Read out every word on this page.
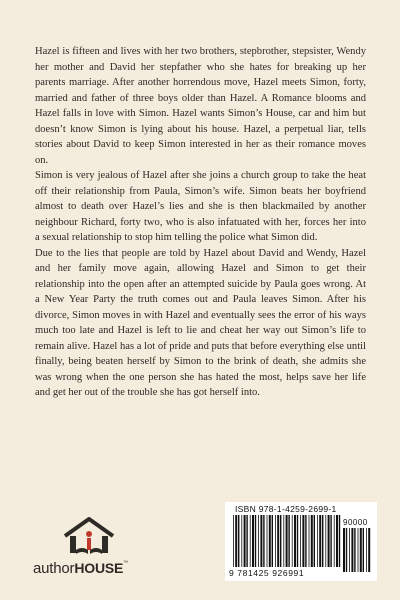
Hazel is fifteen and lives with her two brothers, stepbrother, stepsister, Wendy her mother and David her stepfather who she hates for breaking up her parents marriage. After another horrendous move, Hazel meets Simon, forty, married and father of three boys older than Hazel. A Romance blooms and Hazel falls in love with Simon. Hazel wants Simon’s House, car and him but doesn’t know Simon is lying about his house. Hazel, a perpetual liar, tells stories about David to keep Simon interested in her as their romance moves on.

Simon is very jealous of Hazel after she joins a church group to take the heat off their relationship from Paula, Simon’s wife. Simon beats her boyfriend almost to death over Hazel’s lies and she is then blackmailed by another neighbour Richard, forty two, who is also infatuated with her, forces her into a sexual relationship to stop him telling the police what Simon did.

Due to the lies that people are told by Hazel about David and Wendy, Hazel and her family move again, allowing Hazel and Simon to get their relationship into the open after an attempted suicide by Paula goes wrong. At a New Year Party the truth comes out and Paula leaves Simon. After his divorce, Simon moves in with Hazel and eventually sees the error of his ways much too late and Hazel is left to lie and cheat her way out Simon’s life to remain alive. Hazel has a lot of pride and puts that before everything else until finally, being beaten herself by Simon to the brink of death, she admits she was wrong when the one person she has hated the most, helps save her life and get her out of the trouble she has got herself into.

authorHOUSE™
ISBN 978-1-4259-2699-1
9 781425 926991
90000
